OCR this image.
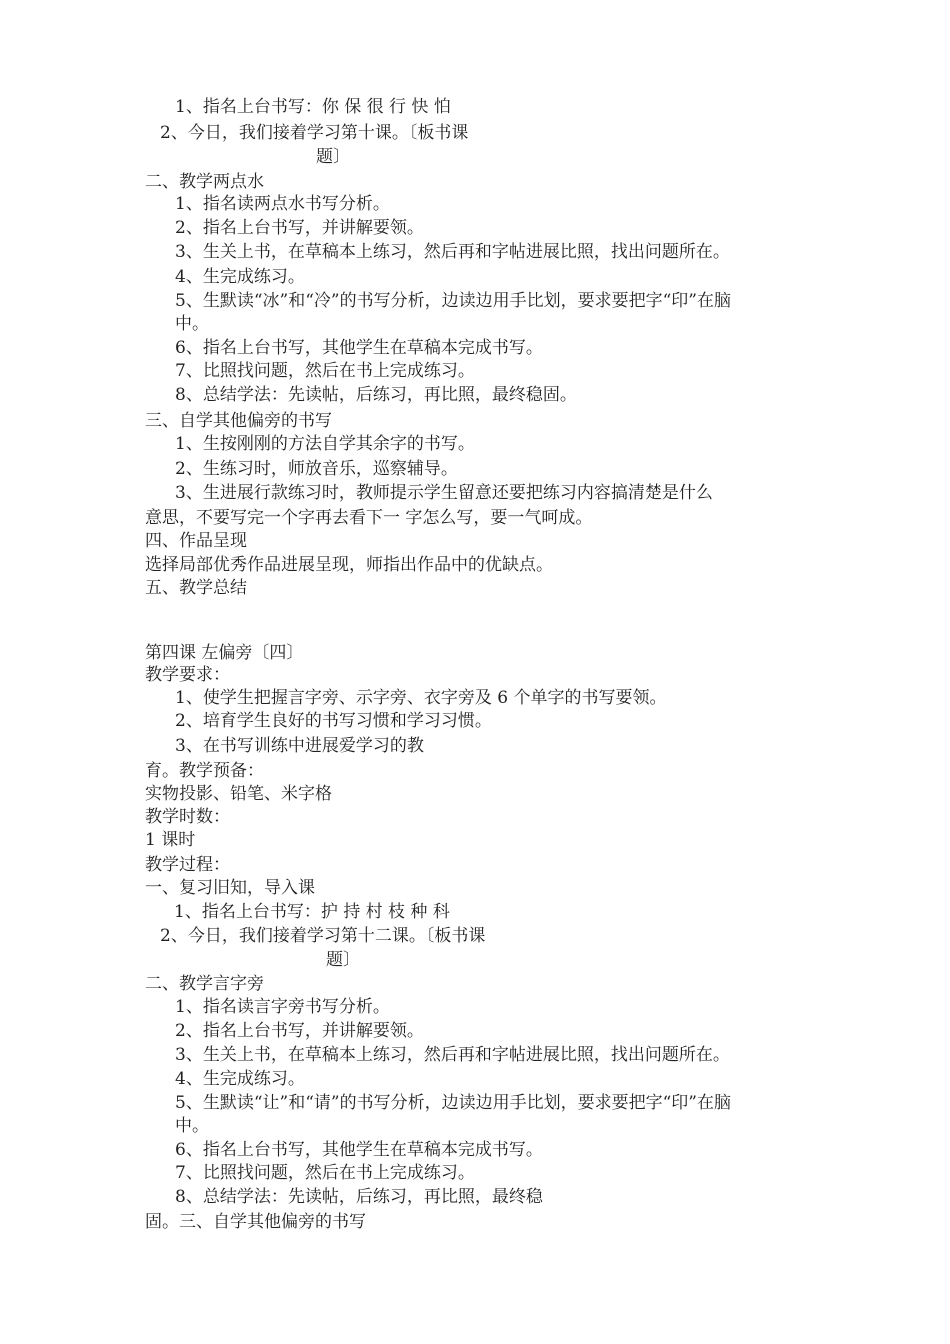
1、指名上台书写：你 保 很 行 快 怕
2、今日，我们接着学习第十课。〔板书课
题〕
二、教学两点水
1、指名读两点水书写分析。
2、指名上台书写，并讲解要领。
3、生关上书，在草稿本上练习，然后再和字帖进展比照，找出问题所在。
4、生完成练习。
5、生默读“冰”和“冷”的书写分析，边读边用手比划，要求要把字“印”在脑
中。
6、指名上台书写，其他学生在草稿本完成书写。
7、比照找问题，然后在书上完成练习。
8、总结学法：先读帖，后练习，再比照，最终稳固。
三、自学其他偏旁的书写
1、生按刚刚的方法自学其余字的书写。
2、生练习时，师放音乐，巡察辅导。
3、生进展行款练习时，教师提示学生留意还要把练习内容搞清楚是什么
意思，不要写完一个字再去看下一 字怎么写，要一气呵成。
四、作品呈现
选择局部优秀作品进展呈现，师指出作品中的优缺点。
五、教学总结
第四课 左偏旁〔四〕
教学要求：
1、使学生把握言字旁、示字旁、衣字旁及 6 个单字的书写要领。
2、培育学生良好的书写习惯和学习习惯。
3、在书写训练中进展爱学习的教
育。教学预备：
实物投影、铅笔、米字格
教学时数：
1 课时
教学过程：
一、复习旧知，导入课
1、指名上台书写：护 持 村 枝 种 科
2、今日，我们接着学习第十二课。〔板书课
题〕
二、教学言字旁
1、指名读言字旁书写分析。
2、指名上台书写，并讲解要领。
3、生关上书，在草稿本上练习，然后再和字帖进展比照，找出问题所在。
4、生完成练习。
5、生默读“让”和“请”的书写分析，边读边用手比划，要求要把字“印”在脑
中。
6、指名上台书写，其他学生在草稿本完成书写。
7、比照找问题，然后在书上完成练习。
8、总结学法：先读帖，后练习，再比照，最终稳
固。三、自学其他偏旁的书写
